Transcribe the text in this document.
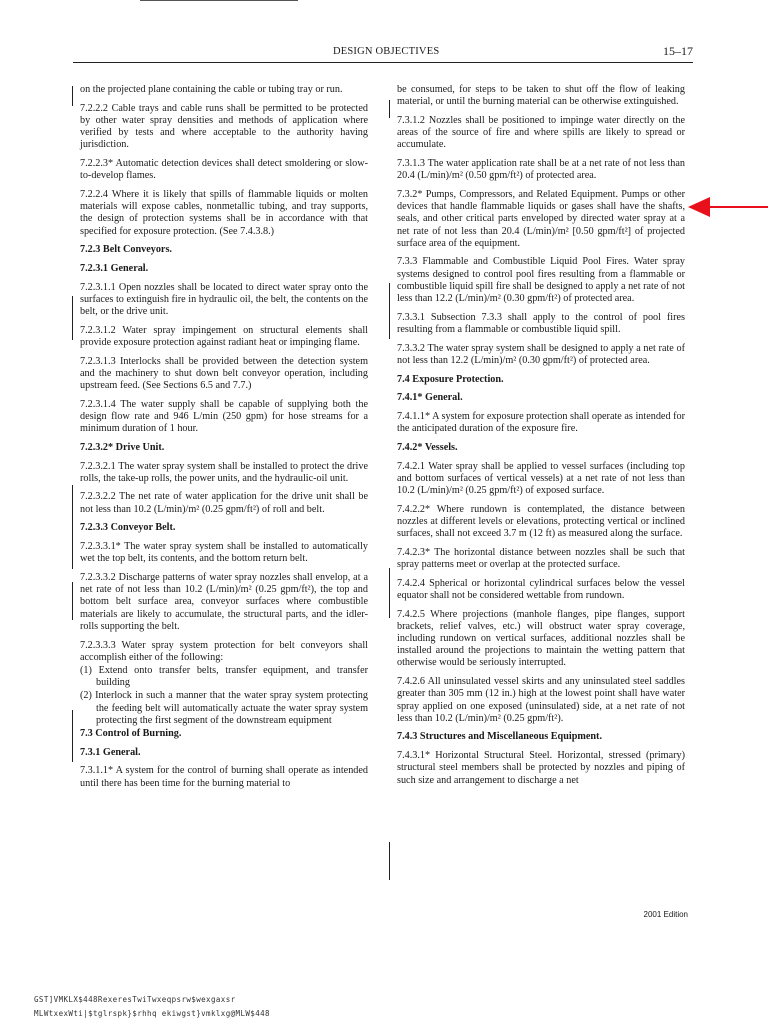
DESIGN OBJECTIVES	15–17

on the projected plane containing the cable or tubing tray or run.

7.2.2.2 Cable trays and cable runs shall be permitted to be protected by other water spray densities and methods of application where verified by tests and where acceptable to the authority having jurisdiction.

7.2.2.3* Automatic detection devices shall detect smoldering or slow-to-develop flames.

7.2.2.4 Where it is likely that spills of flammable liquids or molten materials will expose cables, nonmetallic tubing, and tray supports, the design of protection systems shall be in accordance with that specified for exposure protection. (See 7.4.3.8.)

7.2.3 Belt Conveyors.

7.2.3.1 General.

7.2.3.1.1 Open nozzles shall be located to direct water spray onto the surfaces to extinguish fire in hydraulic oil, the belt, the contents on the belt, or the drive unit.

7.2.3.1.2 Water spray impingement on structural elements shall provide exposure protection against radiant heat or impinging flame.

7.2.3.1.3 Interlocks shall be provided between the detection system and the machinery to shut down belt conveyor operation, including upstream feed. (See Sections 6.5 and 7.7.)

7.2.3.1.4 The water supply shall be capable of supplying both the design flow rate and 946 L/min (250 gpm) for hose streams for a minimum duration of 1 hour.

7.2.3.2* Drive Unit.

7.2.3.2.1 The water spray system shall be installed to protect the drive rolls, the take-up rolls, the power units, and the hydraulic-oil unit.

7.2.3.2.2 The net rate of water application for the drive unit shall be not less than 10.2 (L/min)/m² (0.25 gpm/ft²) of roll and belt.

7.2.3.3 Conveyor Belt.

7.2.3.3.1* The water spray system shall be installed to automatically wet the top belt, its contents, and the bottom return belt.

7.2.3.3.2 Discharge patterns of water spray nozzles shall envelop, at a net rate of not less than 10.2 (L/min)/m² (0.25 gpm/ft²), the top and bottom belt surface area, conveyor surfaces where combustible materials are likely to accumulate, the structural parts, and the idler-rolls supporting the belt.

7.2.3.3.3 Water spray system protection for belt conveyors shall accomplish either of the following:

(1) Extend onto transfer belts, transfer equipment, and transfer building

(2) Interlock in such a manner that the water spray system protecting the feeding belt will automatically actuate the water spray system protecting the first segment of the downstream equipment

7.3 Control of Burning.

7.3.1 General.

7.3.1.1* A system for the control of burning shall operate as intended until there has been time for the burning material to

be consumed, for steps to be taken to shut off the flow of leaking material, or until the burning material can be otherwise extinguished.

7.3.1.2 Nozzles shall be positioned to impinge water directly on the areas of the source of fire and where spills are likely to spread or accumulate.

7.3.1.3 The water application rate shall be at a net rate of not less than 20.4 (L/min)/m² (0.50 gpm/ft²) of protected area.

7.3.2* Pumps, Compressors, and Related Equipment. Pumps or other devices that handle flammable liquids or gases shall have the shafts, seals, and other critical parts enveloped by directed water spray at a net rate of not less than 20.4 (L/min)/m² [0.50 gpm/ft²] of projected surface area of the equipment.

7.3.3 Flammable and Combustible Liquid Pool Fires. Water spray systems designed to control pool fires resulting from a flammable or combustible liquid spill fire shall be designed to apply a net rate of not less than 12.2 (L/min)/m² (0.30 gpm/ft²) of protected area.

7.3.3.1 Subsection 7.3.3 shall apply to the control of pool fires resulting from a flammable or combustible liquid spill.

7.3.3.2 The water spray system shall be designed to apply a net rate of not less than 12.2 (L/min)/m² (0.30 gpm/ft²) of protected area.

7.4 Exposure Protection.

7.4.1* General.

7.4.1.1* A system for exposure protection shall operate as intended for the anticipated duration of the exposure fire.

7.4.2* Vessels.

7.4.2.1 Water spray shall be applied to vessel surfaces (including top and bottom surfaces of vertical vessels) at a net rate of not less than 10.2 (L/min)/m² (0.25 gpm/ft²) of exposed surface.

7.4.2.2* Where rundown is contemplated, the distance between nozzles at different levels or elevations, protecting vertical or inclined surfaces, shall not exceed 3.7 m (12 ft) as measured along the surface.

7.4.2.3* The horizontal distance between nozzles shall be such that spray patterns meet or overlap at the protected surface.

7.4.2.4 Spherical or horizontal cylindrical surfaces below the vessel equator shall not be considered wettable from rundown.

7.4.2.5 Where projections (manhole flanges, pipe flanges, support brackets, relief valves, etc.) will obstruct water spray coverage, including rundown on vertical surfaces, additional nozzles shall be installed around the projections to maintain the wetting pattern that otherwise would be seriously interrupted.

7.4.2.6 All uninsulated vessel skirts and any uninsulated steel saddles greater than 305 mm (12 in.) high at the lowest point shall have water spray applied on one exposed (uninsulated) side, at a net rate of not less than 10.2 (L/min)/m² (0.25 gpm/ft²).

7.4.3 Structures and Miscellaneous Equipment.

7.4.3.1* Horizontal Structural Steel. Horizontal, stressed (primary) structural steel members shall be protected by nozzles and piping of such size and arrangement to discharge a net

2001 Edition
GST]VMKLX$448RexeresTwiTwxeqpsrw$wexgaxsr
MLWtxexWti|$tglrspk}$rhhq ekiwgst}vmklxg@MLW$448
